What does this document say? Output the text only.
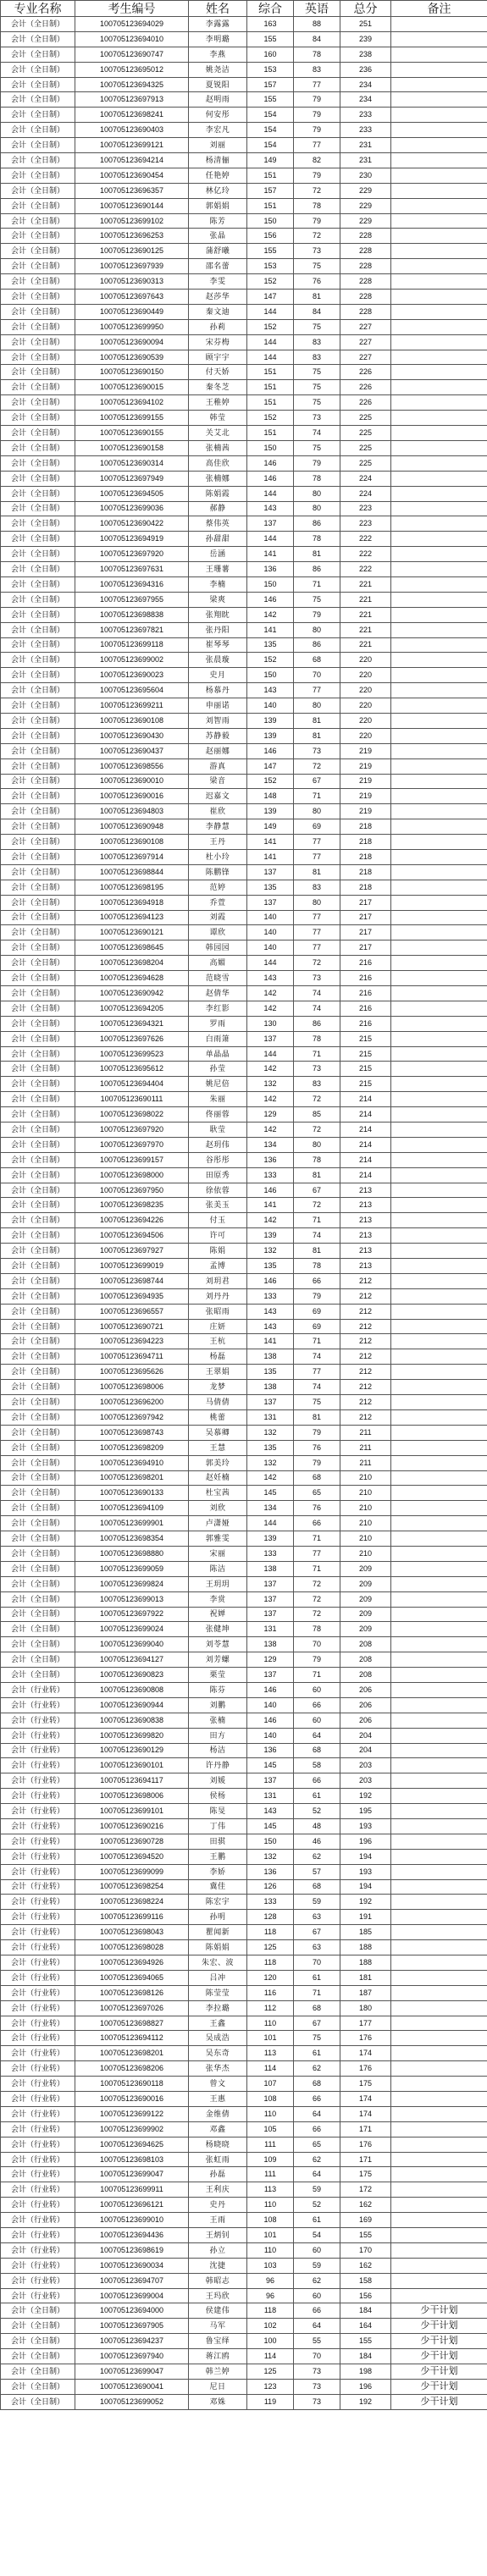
专业名称	考生编号	姓名	综合	英语	总分	备注
会计（全日制）	100705123694029	李露露	163	88	251	
会计（全日制）	100705123694010	李明璐	155	84	239	
会计（全日制）	100705123690747	李燕	160	78	238	
会计（全日制）	100705123695012	姚尧洁	153	83	236	
会计（全日制）	100705123694325	夏锐阳	157	77	234	
会计（全日制）	100705123697913	赵明雨	155	79	234	
会计（全日制）	100705123698241	何安彤	154	79	233	
会计（全日制）	100705123690403	李宏凡	154	79	233	
会计（全日制）	100705123699121	刘丽	154	77	231	
会计（全日制）	100705123694214	杨清俪	149	82	231	
会计（全日制）	100705123690454	任艳婷	151	79	230	
会计（全日制）	100705123696357	林亿玲	157	72	229	
会计（全日制）	100705123690144	郭娟娟	151	78	229	
会计（全日制）	100705123699102	陈芳	150	79	229	
会计（全日制）	100705123696253	张晶	156	72	228	
会计（全日制）	100705123690125	蒲舒曦	155	73	228	
会计（全日制）	100705123697939	邵名蕾	153	75	228	
会计（全日制）	100705123690313	李雯	152	76	228	
会计（全日制）	100705123697643	赵莎华	147	81	228	
会计（全日制）	100705123690449	秦文迪	144	84	228	
会计（全日制）	100705123699950	孙莉	152	75	227	
会计（全日制）	100705123690094	宋芬梅	144	83	227	
会计（全日制）	100705123690539	顾宇宇	144	83	227	
会计（全日制）	100705123690150	付天娇	151	75	226	
会计（全日制）	100705123690015	秦冬芝	151	75	226	
会计（全日制）	100705123694102	王稚婷	151	75	226	
会计（全日制）	100705123699155	韩莹	152	73	225	
会计（全日制）	100705123690155	关艾北	151	74	225	
会计（全日制）	100705123690158	张楠茜	150	75	225	
会计（全日制）	100705123690314	高佳欣	146	79	225	
会计（全日制）	100705123697949	张楠娜	146	78	224	
会计（全日制）	100705123694505	陈娟霞	144	80	224	
会计（全日制）	100705123699036	郝静	143	80	223	
会计（全日制）	100705123690422	蔡伟英	137	86	223	
会计（全日制）	100705123694919	孙甜甜	144	78	222	
会计（全日制）	100705123697920	岳涵	141	81	222	
会计（全日制）	100705123697631	王珊薯	136	86	222	
会计（全日制）	100705123694316	李楠	150	71	221	
会计（全日制）	100705123697955	梁爽	146	75	221	
会计（全日制）	100705123698838	张翔眈	142	79	221	
会计（全日制）	100705123697821	张丹阳	141	80	221	
会计（全日制）	100705123699118	崔琴琴	135	86	221	
会计（全日制）	100705123699002	张晨璇	152	68	220	
会计（全日制）	100705123690023	史月	150	70	220	
会计（全日制）	100705123695604	杨慕丹	143	77	220	
会计（全日制）	100705123699211	申丽诺	140	80	220	
会计（全日制）	100705123690108	刘智雨	139	81	220	
会计（全日制）	100705123690430	苏静毅	139	81	220	
会计（全日制）	100705123690437	赵丽娜	146	73	219	
会计（全日制）	100705123698556	游真	147	72	219	
会计（全日制）	100705123690010	梁音	152	67	219	
会计（全日制）	100705123690016	迟嘉文	148	71	219	
会计（全日制）	100705123694803	崔欣	139	80	219	
会计（全日制）	100705123690948	李静慧	149	69	218	
会计（全日制）	100705123690108	王丹	141	77	218	
会计（全日制）	100705123697914	杜小玲	141	77	218	
会计（全日制）	100705123698844	陈鹏锋	137	81	218	
会计（全日制）	100705123698195	范婷	135	83	218	
会计（全日制）	100705123694918	乔萱	137	80	217	
会计（全日制）	100705123694123	刘霞	140	77	217	
会计（全日制）	100705123690121	谭欣	140	77	217	
会计（全日制）	100705123698645	韩园园	140	77	217	
会计（全日制）	100705123698204	高媚	144	72	216	
会计（全日制）	100705123694628	范晓雪	143	73	216	
会计（全日制）	100705123690942	赵倩华	142	74	216	
会计（全日制）	100705123694205	李红影	142	74	216	
会计（全日制）	100705123694321	罗雨	130	86	216	
会计（全日制）	100705123697626	白雨箫	137	78	215	
会计（全日制）	100705123699523	单晶晶	144	71	215	
会计（全日制）	100705123695612	孙莹	142	73	215	
会计（全日制）	100705123694404	姚尼倍	132	83	215	
会计（全日制）	100705123690111	朱丽	142	72	214	
会计（全日制）	100705123698022	佟丽蓉	129	85	214	
会计（全日制）	100705123697920	耿莹	142	72	214	
会计（全日制）	100705123697970	赵玥伟	134	80	214	
会计（全日制）	100705123699157	谷彤彤	136	78	214	
会计（全日制）	100705123698000	田原秀	133	81	214	
会计（全日制）	100705123697950	徐依蓉	146	67	213	
会计（全日制）	100705123698235	张美玉	141	72	213	
会计（全日制）	100705123694226	付玉	142	71	213	
会计（全日制）	100705123694506	许可	139	74	213	
会计（全日制）	100705123697927	陈娟	132	81	213	
会计（全日制）	100705123699019	孟博	135	78	213	
会计（全日制）	100705123698744	刘玥君	146	66	212	
会计（全日制）	100705123694935	刘丹丹	133	79	212	
会计（全日制）	100705123696557	张昭雨	143	69	212	
会计（全日制）	100705123690721	庄妍	143	69	212	
会计（全日制）	100705123694223	王杭	141	71	212	
会计（全日制）	100705123694711	杨磊	138	74	212	
会计（全日制）	100705123695626	王翠娟	135	77	212	
会计（全日制）	100705123698006	龙梦	138	74	212	
会计（全日制）	100705123696200	马倩倩	137	75	212	
会计（全日制）	100705123697942	桃蕾	131	81	212	
会计（全日制）	100705123698743	吴慕卿	132	79	211	
会计（全日制）	100705123698209	王慧	135	76	211	
会计（全日制）	100705123694910	郭美玲	132	79	211	
会计（全日制）	100705123698201	赵妊楠	142	68	210	
会计（全日制）	100705123690133	杜宝茜	145	65	210	
会计（全日制）	100705123694109	刘欣	134	76	210	
会计（全日制）	100705123699901	卢潇娅	144	66	210	
会计（全日制）	100705123698354	郭雅雯	139	71	210	
会计（全日制）	100705123698880	宋丽	133	77	210	
会计（全日制）	100705123699059	陈洁	138	71	209	
会计（全日制）	100705123699824	王玥玥	137	72	209	
会计（全日制）	100705123699013	李赏	137	72	209	
会计（全日制）	100705123697922	祝婵	137	72	209	
会计（全日制）	100705123699024	张健坤	131	78	209	
会计（全日制）	100705123699040	刘苓慧	138	70	208	
会计（全日制）	100705123694127	刘芳螺	129	79	208	
会计（全日制）	100705123690823	栗莹	137	71	208	
会计（行业转）	100705123690808	陈芬	146	60	206	
会计（行业转）	100705123690944	刘鹏	140	66	206	
会计（行业转）	100705123690838	张楠	146	60	206	
会计（行业转）	100705123699820	田方	140	64	204	
会计（行业转）	100705123690129	杨洁	136	68	204	
会计（行业转）	100705123690101	许丹静	145	58	203	
会计（行业转）	100705123694117	刘媛	137	66	203	
会计（行业转）	100705123698006	侯杨	131	61	192	
会计（行业转）	100705123699101	陈旻	143	52	195	
会计（行业转）	100705123690216	丁伟	145	48	193	
会计（行业转）	100705123690728	田骐	150	46	196	
会计（行业转）	100705123694520	王鹏	132	62	194	
会计（行业转）	100705123699099	李娇	136	57	193	
会计（行业转）	100705123698254	冀佳	126	68	194	
会计（行业转）	100705123698224	陈宏宇	133	59	192	
会计（行业转）	100705123699116	孙明	128	63	191	
会计（行业转）	100705123698043	瞿闻新	118	67	185	
会计（行业转）	100705123698028	陈娟娟	125	63	188	
会计（行业转）	100705123694926	朱宏、波	118	70	188	
会计（行业转）	100705123694065	吕冲	120	61	181	
会计（行业转）	100705123698126	陈莹莹	116	71	187	
会计（行业转）	100705123697026	李拉璐	112	68	180	
会计（行业转）	100705123698827	王鑫	110	67	177	
会计（行业转）	100705123694112	吴成浩	101	75	176	
会计（行业转）	100705123698201	吴东奇	113	61	174	
会计（行业转）	100705123698206	张华杰	114	62	176	
会计（行业转）	100705123690118	曾文	107	68	175	
会计（行业转）	100705123690016	王惠	108	66	174	
会计（行业转）	100705123699122	金维倩	110	64	174	
会计（行业转）	100705123699902	邓鑫	105	66	171	
会计（行业转）	100705123694625	杨晓晓	111	65	176	
会计（行业转）	100705123698103	张虹雨	109	62	171	
会计（行业转）	100705123699047	孙磊	111	64	175	
会计（行业转）	100705123699911	王利庆	113	59	172	
会计（行业转）	100705123696121	史丹	110	52	162	
会计（行业转）	100705123699010	王雨	108	61	169	
会计（行业转）	100705123694436	王炳钊	101	54	155	
会计（行业转）	100705123698619	孙立	110	60	170	
会计（行业转）	100705123690034	沈捷	103	59	162	
会计（行业转）	100705123694707	韩昭志	96	62	158	
会计（行业转）	100705123699004	王玛欣	96	60	156	
会计（全日制）	100705123694000	侯建伟	118	66	184	少干计划
会计（全日制）	100705123697905	马军	102	64	164	少干计划
会计（全日制）	100705123694237	鲁宝绎	100	55	155	少干计划
会计（全日制）	100705123697940	蒋江鸥	114	70	184	少干计划
会计（全日制）	100705123699047	韩兰婷	125	73	198	少干计划
会计（全日制）	100705123690041	尼日	123	73	196	少干计划
会计（全日制）	100705123699052	邓姝	119	73	192	少干计划
